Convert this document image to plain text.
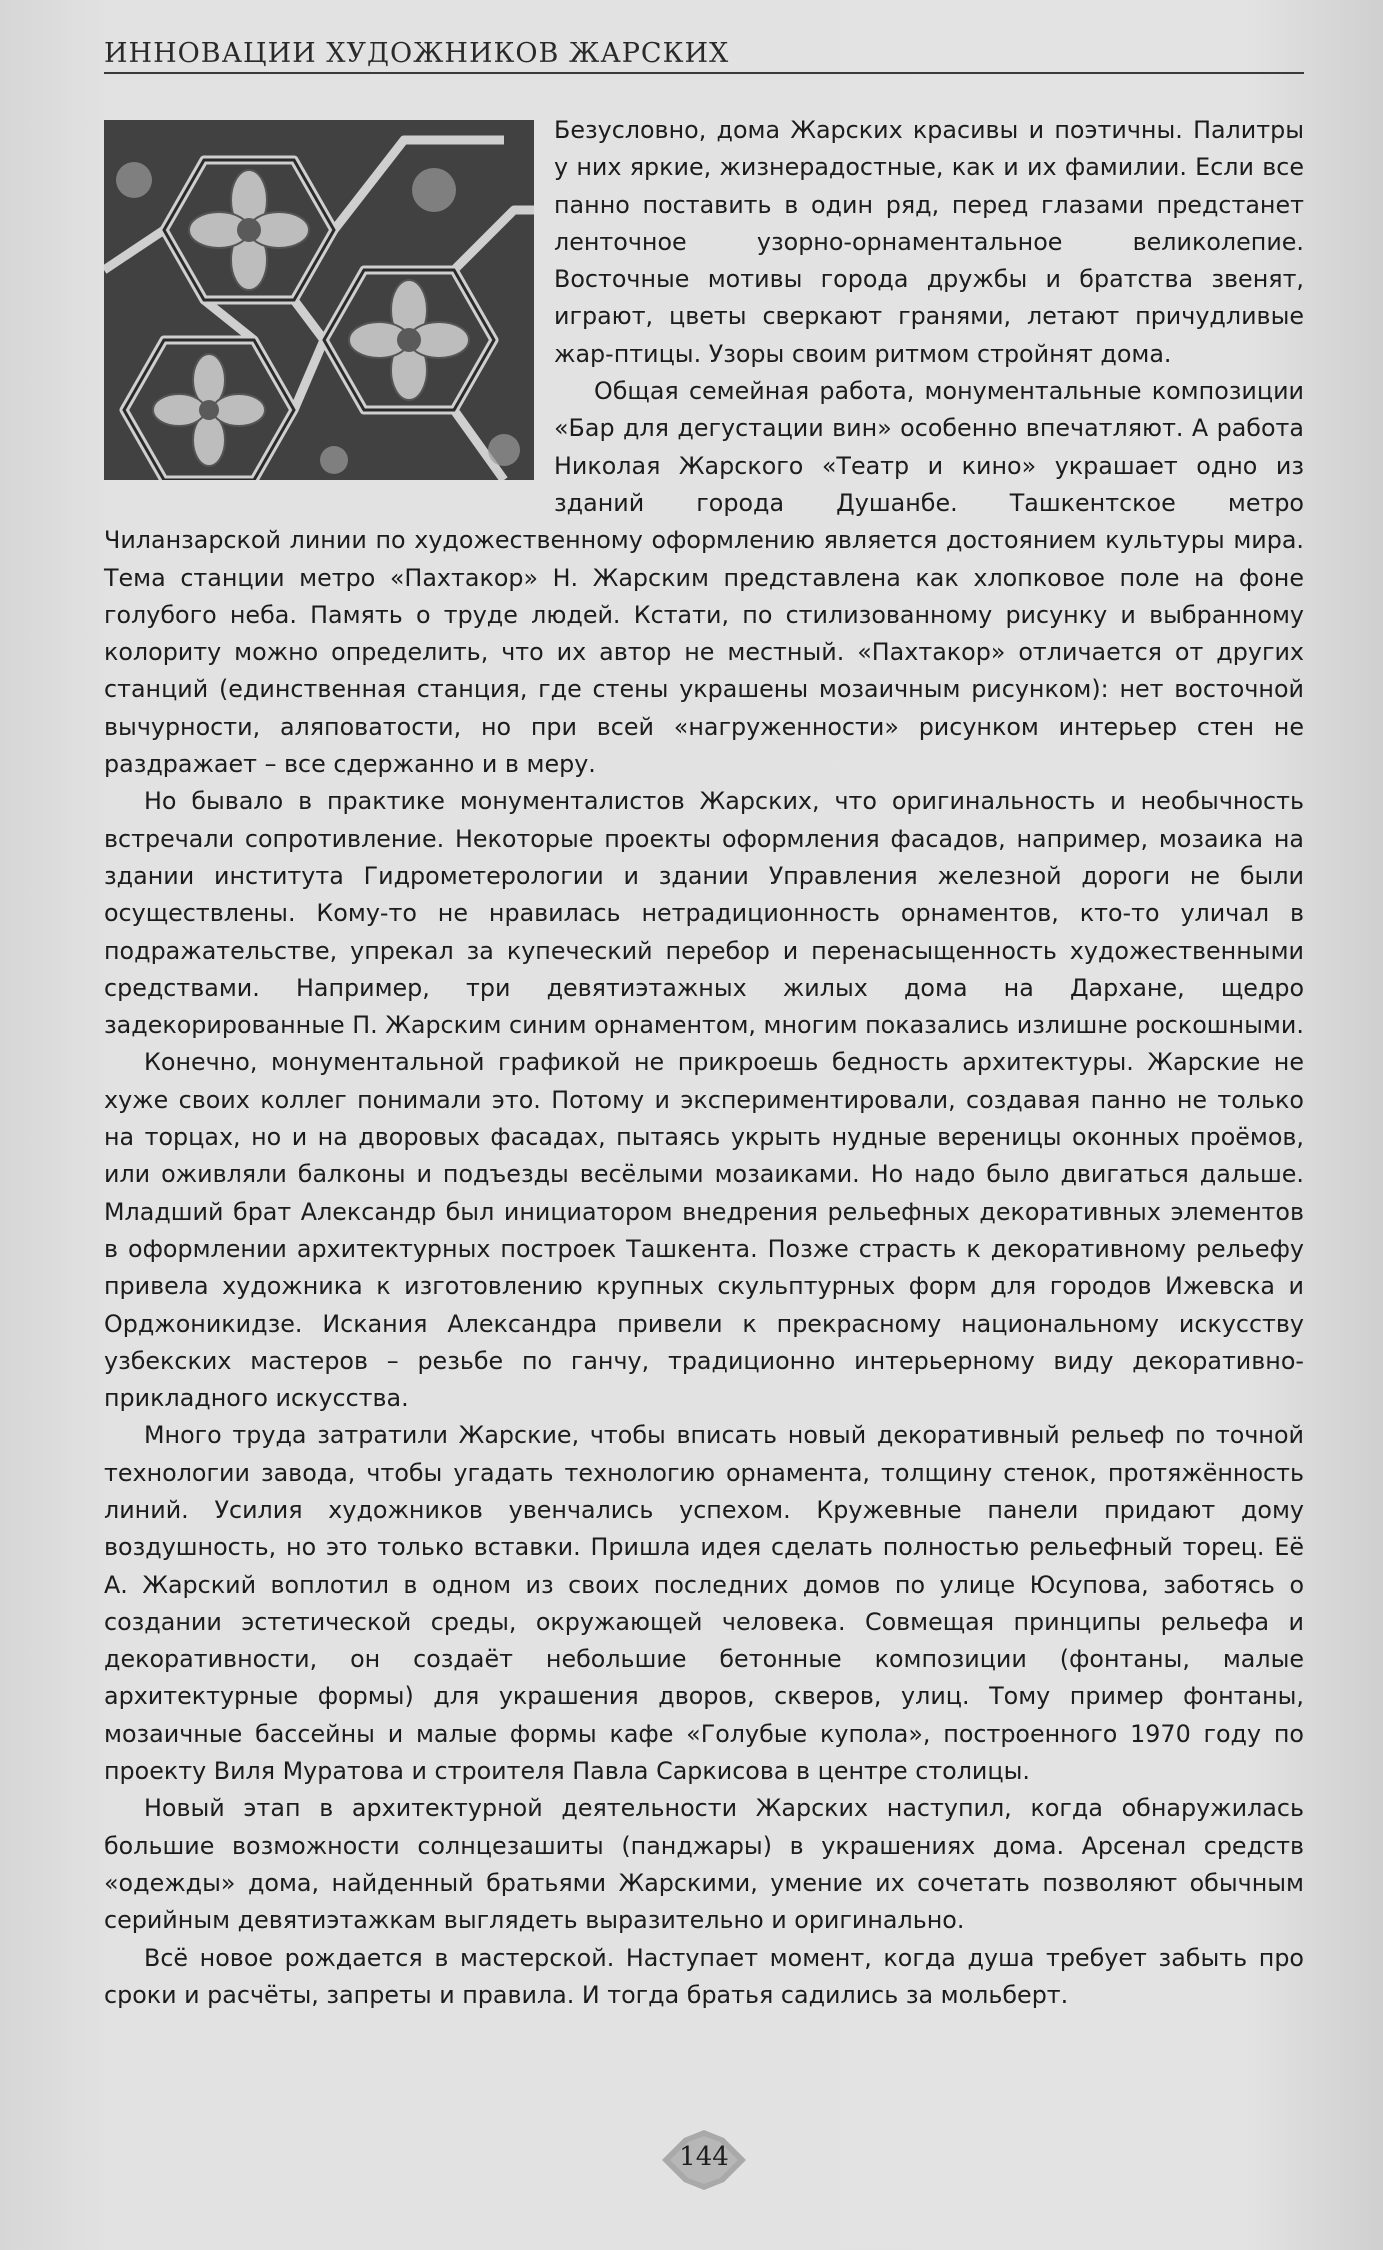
ИННОВАЦИИ ХУДОЖНИКОВ ЖАРСКИХ

Безусловно, дома Жарских красивы и поэтичны. Палитры у них яркие, жизнерадостные, как и их фамилии. Если все панно поставить в один ряд, перед глазами предстанет ленточное узорно-орнаментальное великолепие. Восточные мотивы города дружбы и братства звенят, играют, цветы сверкают гранями, летают причудливые жар-птицы. Узоры своим ритмом стройнят дома.

Общая семейная работа, монументальные композиции «Бар для дегустации вин» особенно впечатляют. А работа Николая Жарского «Театр и кино» украшает одно из зданий города Душанбе. Ташкентское метро Чиланзарской линии по художественному оформлению является достоянием культуры мира. Тема станции метро «Пахтакор» Н. Жарским представлена как хлопковое поле на фоне голубого неба. Память о труде людей. Кстати, по стилизованному рисунку и выбранному колориту можно определить, что их автор не местный. «Пахтакор» отличается от других станций (единственная станция, где стены украшены мозаичным рисунком): нет восточной вычурности, аляповатости, но при всей «нагруженности» рисунком интерьер стен не раздражает – все сдержанно и в меру.

Но бывало в практике монументалистов Жарских, что оригинальность и необычность встречали сопротивление. Некоторые проекты оформления фасадов, например, мозаика на здании института Гидрометерологии и здании Управления железной дороги не были осуществлены. Кому-то не нравилась нетрадиционность орнаментов, кто-то уличал в подражательстве, упрекал за купеческий перебор и перенасыщенность художественными средствами. Например, три девятиэтажных жилых дома на Дархане, щедро задекорированные П. Жарским синим орнаментом, многим показались излишне роскошными.

Конечно, монументальной графикой не прикроешь бедность архитектуры. Жарские не хуже своих коллег понимали это. Потому и экспериментировали, создавая панно не только на торцах, но и на дворовых фасадах, пытаясь укрыть нудные вереницы оконных проёмов, или оживляли балконы и подъезды весёлыми мозаиками. Но надо было двигаться дальше. Младший брат Александр был инициатором внедрения рельефных декоративных элементов в оформлении архитектурных построек Ташкента. Позже страсть к декоративному рельефу привела художника к изготовлению крупных скульптурных форм для городов Ижевска и Орджоникидзе. Искания Александра привели к прекрасному национальному искусству узбекских мастеров – резьбе по ганчу, традиционно интерьерному виду декоративно-прикладного искусства.

Много труда затратили Жарские, чтобы вписать новый декоративный рельеф по точной технологии завода, чтобы угадать технологию орнамента, толщину стенок, протяжённость линий. Усилия художников увенчались успехом. Кружевные панели придают дому воздушность, но это только вставки. Пришла идея сделать полностью рельефный торец. Её А. Жарский воплотил в одном из своих последних домов по улице Юсупова, заботясь о создании эстетической среды, окружающей человека. Совмещая принципы рельефа и декоративности, он создаёт небольшие бетонные композиции (фонтаны, малые архитектурные формы) для украшения дворов, скверов, улиц. Тому пример фонтаны, мозаичные бассейны и малые формы кафе «Голубые купола», построенного 1970 году по проекту Виля Муратова и строителя Павла Саркисова в центре столицы.

Новый этап в архитектурной деятельности Жарских наступил, когда обнаружилась большие возможности солнцезашиты (панджары) в украшениях дома. Арсенал средств «одежды» дома, найденный братьями Жарскими, умение их сочетать позволяют обычным серийным девятиэтажкам выглядеть выразительно и оригинально.

Всё новое рождается в мастерской. Наступает момент, когда душа требует забыть про сроки и расчёты, запреты и правила. И тогда братья садились за мольберт.

144
